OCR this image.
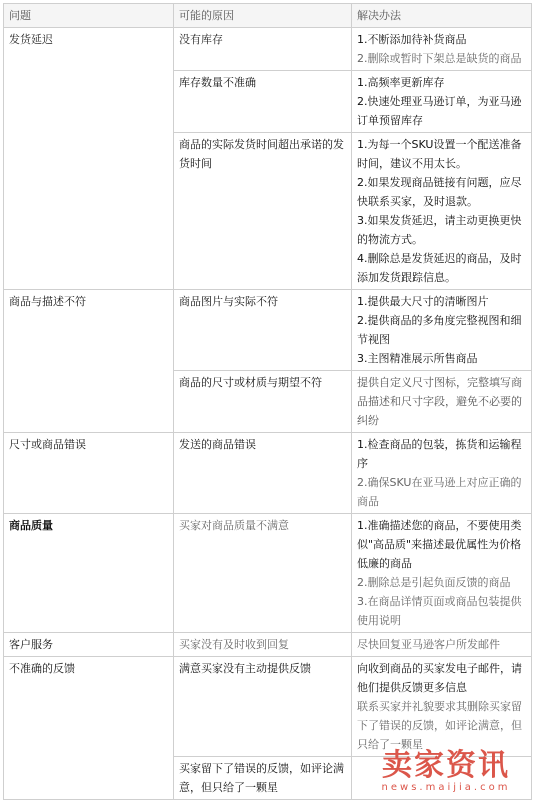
问题	可能的原因	解决办法
发货延迟	没有库存	1.不断添加待补货商品
2.删除或暂时下架总是缺货的商品

	库存数量不准确	1.高频率更新库存
2.快速处理亚马逊订单，为亚马逊订单预留库存

	商品的实际发货时间超出承诺的发货时间	1.为每一个SKU设置一个配送准备时间，建议不用太长。
2.如果发现商品链接有问题，应尽快联系买家，及时退款。
3.如果发货延迟，请主动更换更快的物流方式。
4.删除总是发货延迟的商品，及时添加发货跟踪信息。

商品与描述不符	商品图片与实际不符	1.提供最大尺寸的清晰图片
2.提供商品的多角度完整视图和细节视图
3.主图精准展示所售商品

	商品的尺寸或材质与期望不符	提供自定义尺寸图标，完整填写商品描述和尺寸字段，避免不必要的纠纷

尺寸或商品错误	发送的商品错误	1.检查商品的包装，拣货和运输程序
2.确保SKU在亚马逊上对应正确的商品

商品质量	买家对商品质量不满意	1.准确描述您的商品，不要使用类似"高品质"来描述最优属性为价格低廉的商品
2.删除总是引起负面反馈的商品
3.在商品详情页面或商品包装提供使用说明

客户服务	买家没有及时收到回复	尽快回复亚马逊客户所发邮件

不准确的反馈	满意买家没有主动提供反馈	向收到商品的买家发电子邮件，请他们提供反馈更多信息
联系买家并礼貌要求其删除买家留下了错误的反馈，如评论满意，但只给了一颗星

	买家留下了错误的反馈，如评论满意，但只给了一颗星	
卖家资讯
news.maijia.com
